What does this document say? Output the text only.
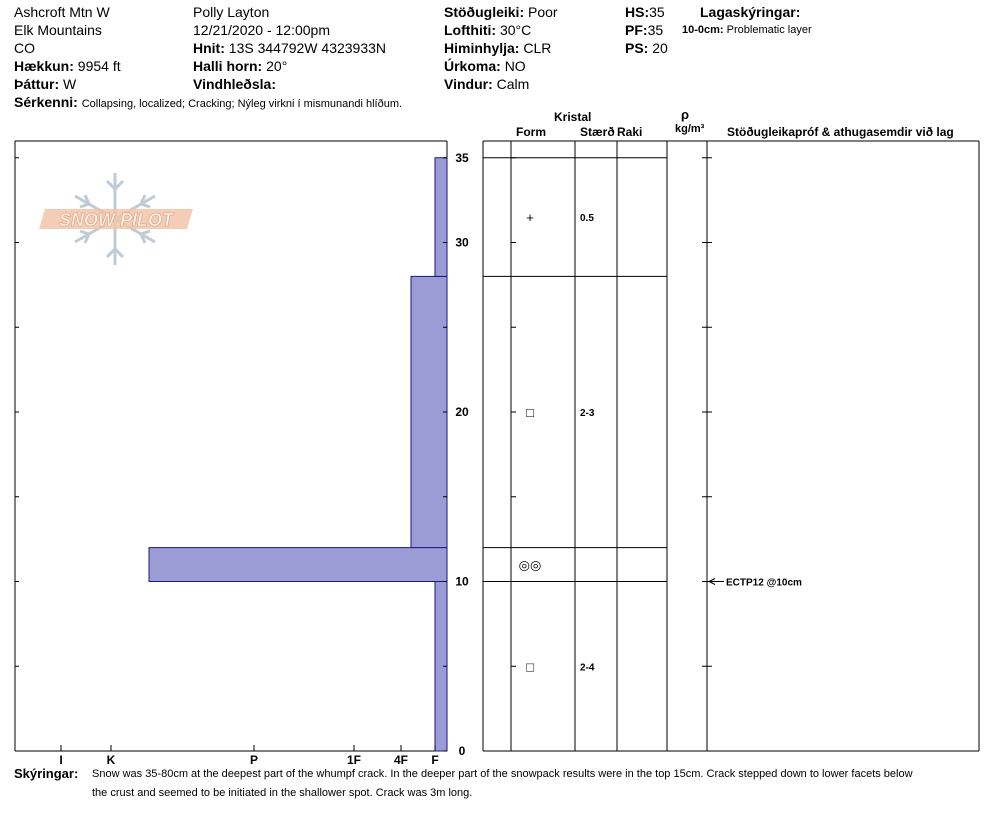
Ashcroft Mtn W
Elk Mountains
CO
Hækkun: 9954 ft
Þáttur: W
Sérkenni: Collapsing, localized; Cracking; Nýleg virkni í mismunandi hlíðum.
Polly Layton
12/21/2020 - 12:00pm
Hnit: 13S 344792W 4323933N
Halli horn: 20°
Vindhleðsla:
Stöðugleiki: Poor
Lofthiti: 30°C
Himinhylja: CLR
Úrkoma: NO
Vindur: Calm
HS:35
PF:35
PS: 20
Lagaskýringar:
10-0cm: Problematic layer
Kristal
Form	Stærð Raki
ρ
kg/m³ Stöðugleikapróf & athugasemdir við lag
SNOW PILOT
0
10
20
30
35
I	K	P	1F	4F F
+	0.5
□	2-3
◎◎
□	2-4
ECTP12 @10cm
Skýringar: Snow was 35-80cm at the deepest part of the whumpf crack. In the deeper part of the snowpack results were in the top 15cm. Crack stepped down to lower facets below
the crust and seemed to be initiated in the shallower spot. Crack was 3m long.
